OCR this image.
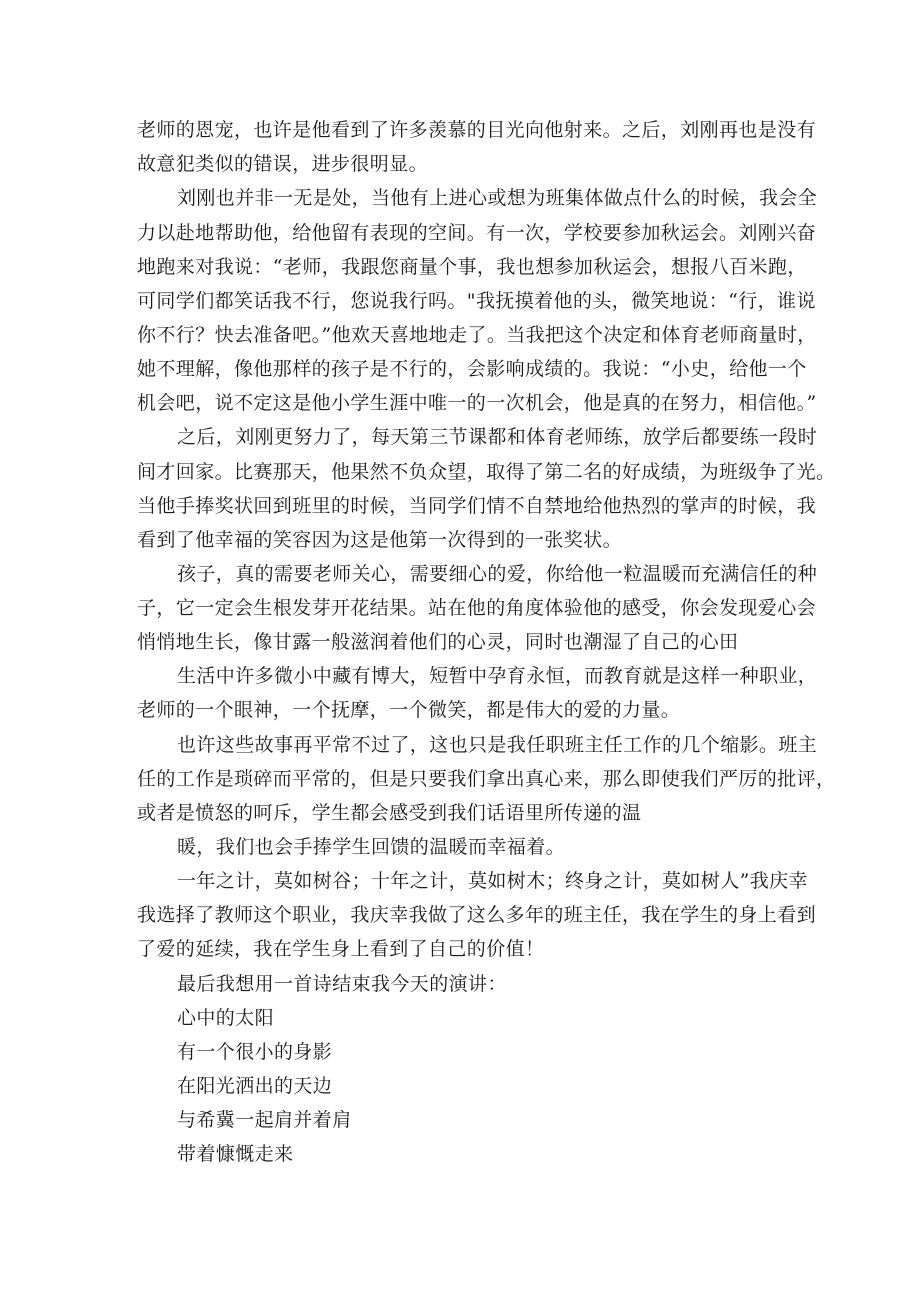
老师的恩宠，也许是他看到了许多羡慕的目光向他射来。之后，刘刚再也是没有

故意犯类似的错误，进步很明显。

刘刚也并非一无是处，当他有上进心或想为班集体做点什么的时候，我会全

力以赴地帮助他，给他留有表现的空间。有一次，学校要参加秋运会。刘刚兴奋

地跑来对我说：“老师，我跟您商量个事，我也想参加秋运会，想报八百米跑，

可同学们都笑话我不行，您说我行吗。"我抚摸着他的头，微笑地说：“行，谁说

你不行？快去准备吧。”他欢天喜地地走了。当我把这个决定和体育老师商量时，

她不理解，像他那样的孩子是不行的，会影响成绩的。我说：“小史，给他一个

机会吧，说不定这是他小学生涯中唯一的一次机会，他是真的在努力，相信他。”

之后，刘刚更努力了，每天第三节课都和体育老师练，放学后都要练一段时

间才回家。比赛那天，他果然不负众望，取得了第二名的好成绩，为班级争了光。

当他手捧奖状回到班里的时候，当同学们情不自禁地给他热烈的掌声的时候，我

看到了他幸福的笑容因为这是他第一次得到的一张奖状。

孩子，真的需要老师关心，需要细心的爱，你给他一粒温暖而充满信任的种

子，它一定会生根发芽开花结果。站在他的角度体验他的感受，你会发现爱心会

悄悄地生长，像甘露一般滋润着他们的心灵，同时也潮湿了自己的心田

生活中许多微小中藏有博大，短暂中孕育永恒，而教育就是这样一种职业，

老师的一个眼神，一个抚摩，一个微笑，都是伟大的爱的力量。

也许这些故事再平常不过了，这也只是我任职班主任工作的几个缩影。班主

任的工作是琐碎而平常的，但是只要我们拿出真心来，那么即使我们严厉的批评，

或者是愤怒的呵斥，学生都会感受到我们话语里所传递的温

暖，我们也会手捧学生回馈的温暖而幸福着。

一年之计，莫如树谷；十年之计，莫如树木；终身之计，莫如树人”我庆幸

我选择了教师这个职业，我庆幸我做了这么多年的班主任，我在学生的身上看到

了爱的延续，我在学生身上看到了自己的价值！

最后我想用一首诗结束我今天的演讲：

心中的太阳

有一个很小的身影

在阳光洒出的天边

与希冀一起肩并着肩

带着慷慨走来
